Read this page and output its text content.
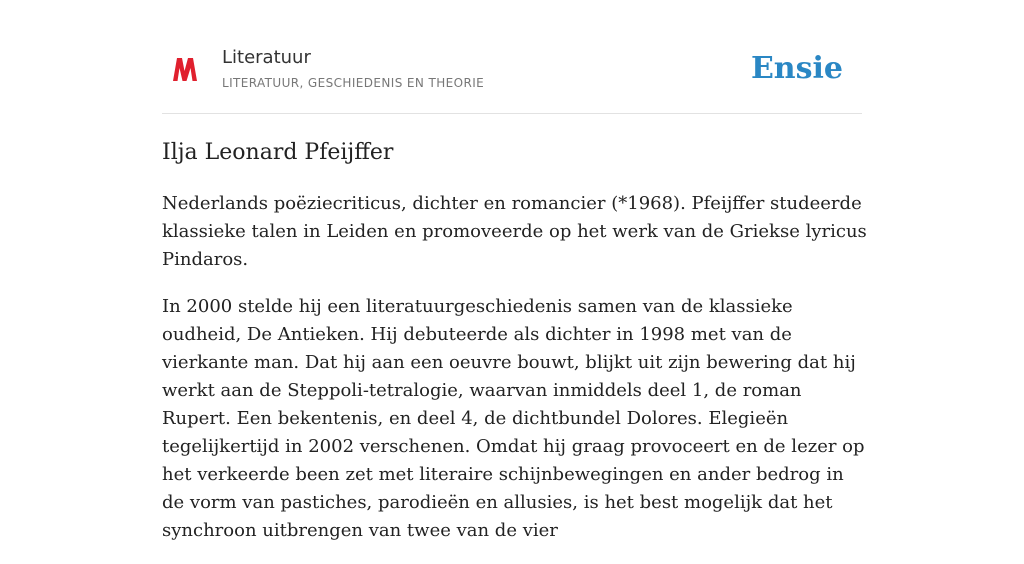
Literatuur
LITERATUUR, GESCHIEDENIS EN THEORIE	Ensie
Ilja Leonard Pfeijffer

Nederlands poëziecriticus, dichter en romancier (*1968). Pfeijffer studeerde klassieke talen in Leiden en promoveerde op het werk van de Griekse lyricus Pindaros.

In 2000 stelde hij een literatuurgeschiedenis samen van de klassieke oudheid, De Antieken. Hij debuteerde als dichter in 1998 met van de vierkante man. Dat hij aan een oeuvre bouwt, blijkt uit zijn bewering dat hij werkt aan de Steppoli-tetralogie, waarvan inmiddels deel 1, de roman Rupert. Een bekentenis, en deel 4, de dichtbundel Dolores. Elegieën tegelijkertijd in 2002 verschenen. Omdat hij graag provoceert en de lezer op het verkeerde been zet met literaire schijnbewegingen en ander bedrog in de vorm van pastiches, parodieën en allusies, is het best mogelijk dat het synchroon uitbrengen van twee van de vier
